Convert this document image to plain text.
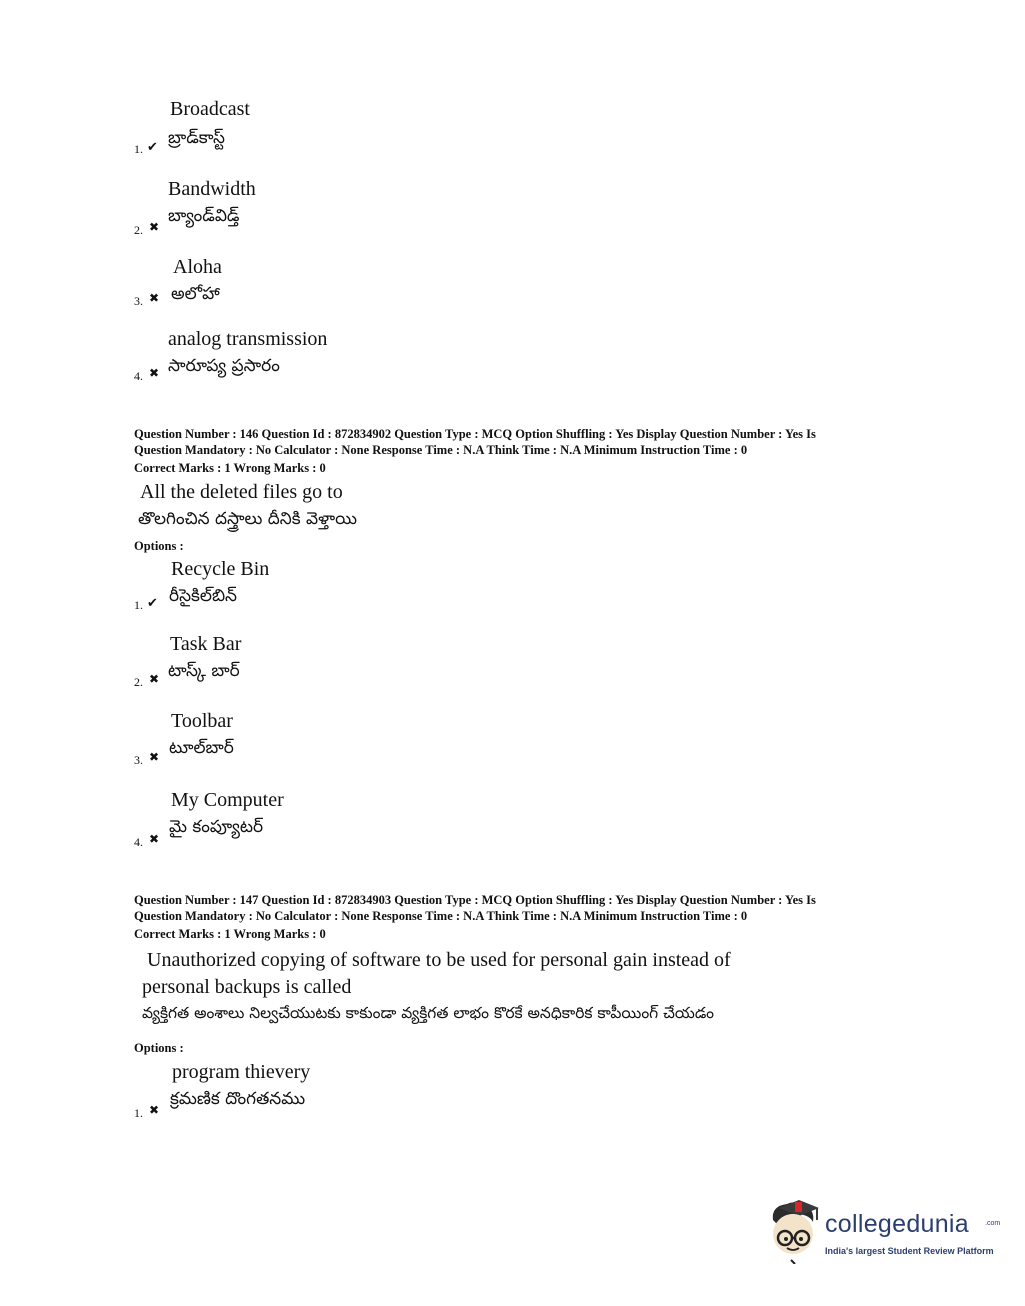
Broadcast
బ్రాడ్‌కాస్ట్
1. ✔
Bandwidth
బ్యాండ్‌విడ్త్
2. ✖
Aloha
అలోహా
3. ✖
analog transmission
సారూప్య ప్రసారం
4. ✖
Question Number : 146 Question Id : 872834902 Question Type : MCQ Option Shuffling : Yes Display Question Number : Yes Is
Question Mandatory : No Calculator : None Response Time : N.A Think Time : N.A Minimum Instruction Time : 0
Correct Marks : 1 Wrong Marks : 0
All the deleted files go to
తొలగించిన దస్త్రాలు దీనికి వెళ్తాయి
Options :
Recycle Bin
రీసైకిల్‌బిన్
1. ✔
Task Bar
టాస్క్ బార్
2. ✖
Toolbar
టూల్‌బార్
3. ✖
My Computer
మై కంప్యూటర్
4. ✖
Question Number : 147 Question Id : 872834903 Question Type : MCQ Option Shuffling : Yes Display Question Number : Yes Is
Question Mandatory : No Calculator : None Response Time : N.A Think Time : N.A Minimum Instruction Time : 0
Correct Marks : 1 Wrong Marks : 0
Unauthorized copying of software to be used for personal gain instead of
personal backups is called
వ్యక్తిగత అంశాలు నిల్వచేయుటకు కాకుండా వ్యక్తిగత లాభం కొరకే అనధికారిక కాపీయింగ్ చేయడం
Options :
program thievery
క్రమణిక దొంగతనము
1. ✖
collegedunia .com
India's largest Student Review Platform
